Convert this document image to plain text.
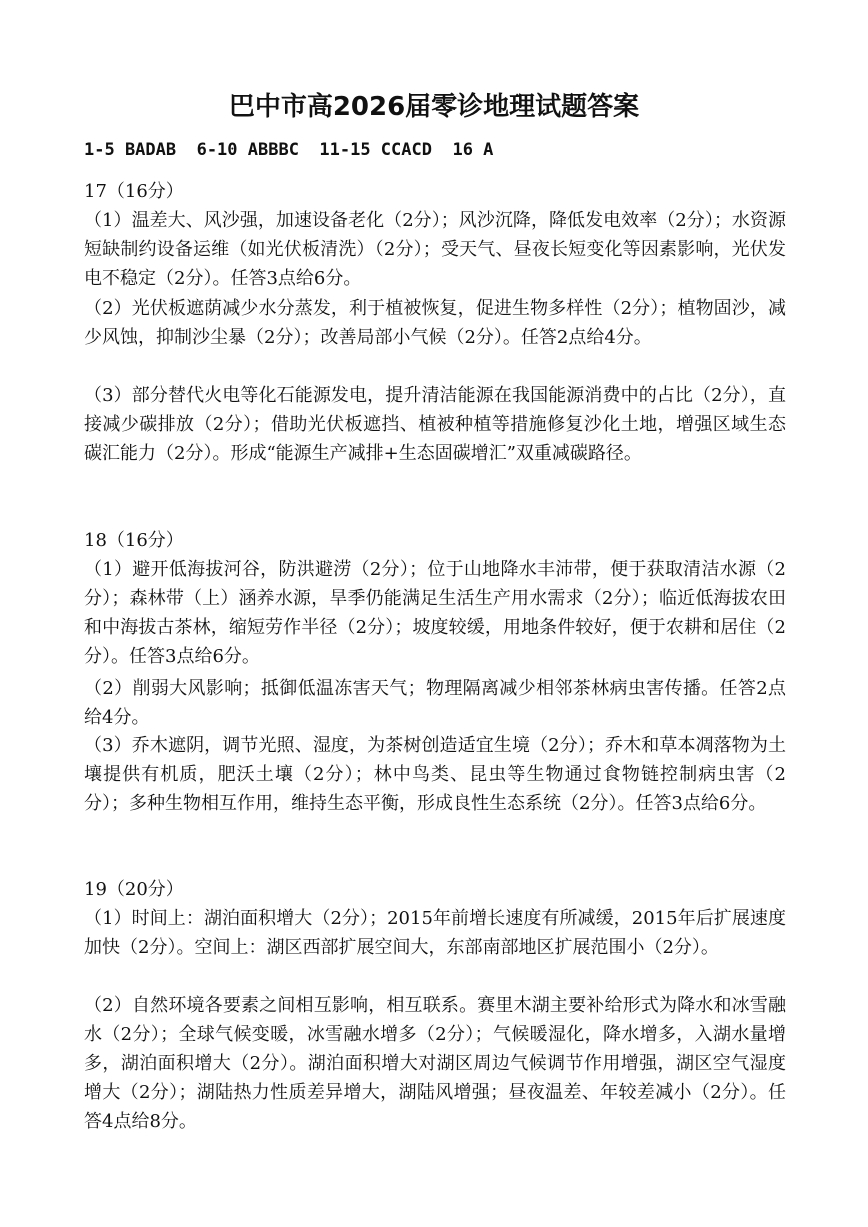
巴中市高2026届零诊地理试题答案
1-5 BADAB  6-10 ABBBC  11-15 CCACD  16 A
17（16分）
（1）温差大、风沙强，加速设备老化（2分）；风沙沉降，降低发电效率（2分）；水资源短缺制约设备运维（如光伏板清洗）（2分）；受天气、昼夜长短变化等因素影响，光伏发电不稳定（2分）。任答3点给6分。
（2）光伏板遮荫减少水分蒸发，利于植被恢复，促进生物多样性（2分）；植物固沙，减少风蚀，抑制沙尘暴（2分）；改善局部小气候（2分）。任答2点给4分。
（3）部分替代火电等化石能源发电，提升清洁能源在我国能源消费中的占比（2分），直接减少碳排放（2分）；借助光伏板遮挡、植被种植等措施修复沙化土地，增强区域生态碳汇能力（2分）。形成“能源生产减排+生态固碳增汇”双重减碳路径。
18（16分）
（1）避开低海拔河谷，防洪避涝（2分）；位于山地降水丰沛带，便于获取清洁水源（2分）；森林带（上）涵养水源，旱季仍能满足生活生产用水需求（2分）；临近低海拔农田和中海拔古茶林，缩短劳作半径（2分）；坡度较缓，用地条件较好，便于农耕和居住（2分）。任答3点给6分。
（2）削弱大风影响；抵御低温冻害天气；物理隔离减少相邻茶林病虫害传播。任答2点给4分。
（3）乔木遮阴，调节光照、湿度，为茶树创造适宜生境（2分）；乔木和草本凋落物为土壤提供有机质，肥沃土壤（2分）；林中鸟类、昆虫等生物通过食物链控制病虫害（2分）；多种生物相互作用，维持生态平衡，形成良性生态系统（2分）。任答3点给6分。
19（20分）
（1）时间上：湖泊面积增大（2分）；2015年前增长速度有所减缓，2015年后扩展速度加快（2分）。空间上：湖区西部扩展空间大，东部南部地区扩展范围小（2分）。
（2）自然环境各要素之间相互影响，相互联系。赛里木湖主要补给形式为降水和冰雪融水（2分）；全球气候变暖，冰雪融水增多（2分）；气候暖湿化，降水增多，入湖水量增多，湖泊面积增大（2分）。湖泊面积增大对湖区周边气候调节作用增强，湖区空气湿度增大（2分）；湖陆热力性质差异增大，湖陆风增强；昼夜温差、年较差减小（2分）。任答4点给8分。
